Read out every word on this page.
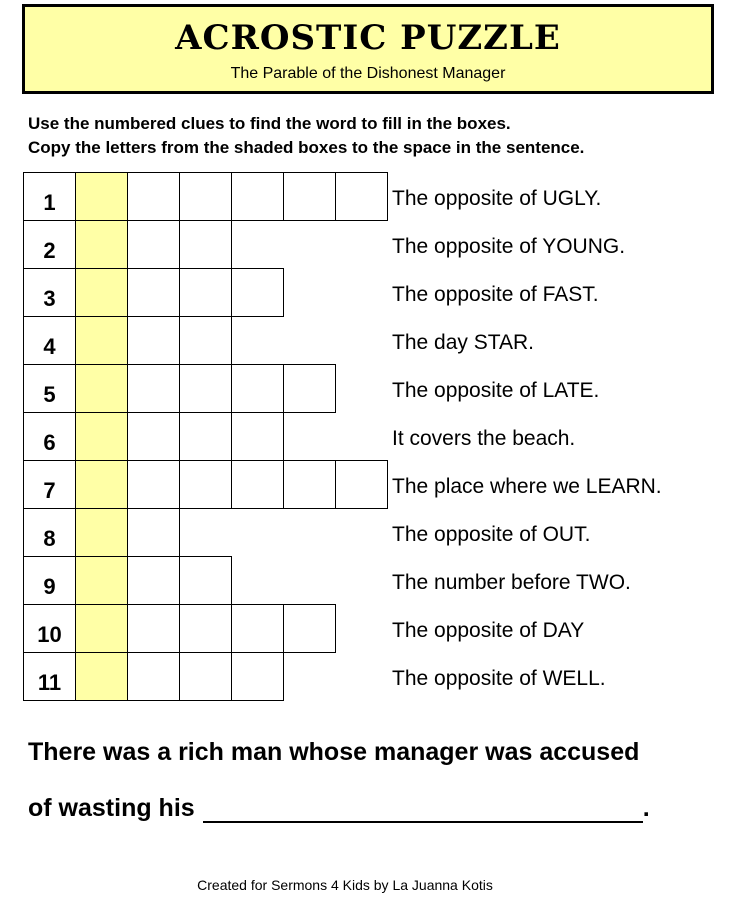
ACROSTIC PUZZLE
The Parable of the Dishonest Manager
Use the numbered clues to find the word to fill in the boxes.
Copy the letters from the shaded boxes to the space in the sentence.
1	The opposite of UGLY.
2	The opposite of YOUNG.
3	The opposite of FAST.
4	The day STAR.
5	The opposite of LATE.
6	It covers the beach.
7	The place where we LEARN.
8	The opposite of OUT.
9	The number before TWO.
10	The opposite of DAY
11	The opposite of WELL.
There was a rich man whose manager was accused
of wasting his	.
Created for Sermons 4 Kids by La Juanna Kotis
